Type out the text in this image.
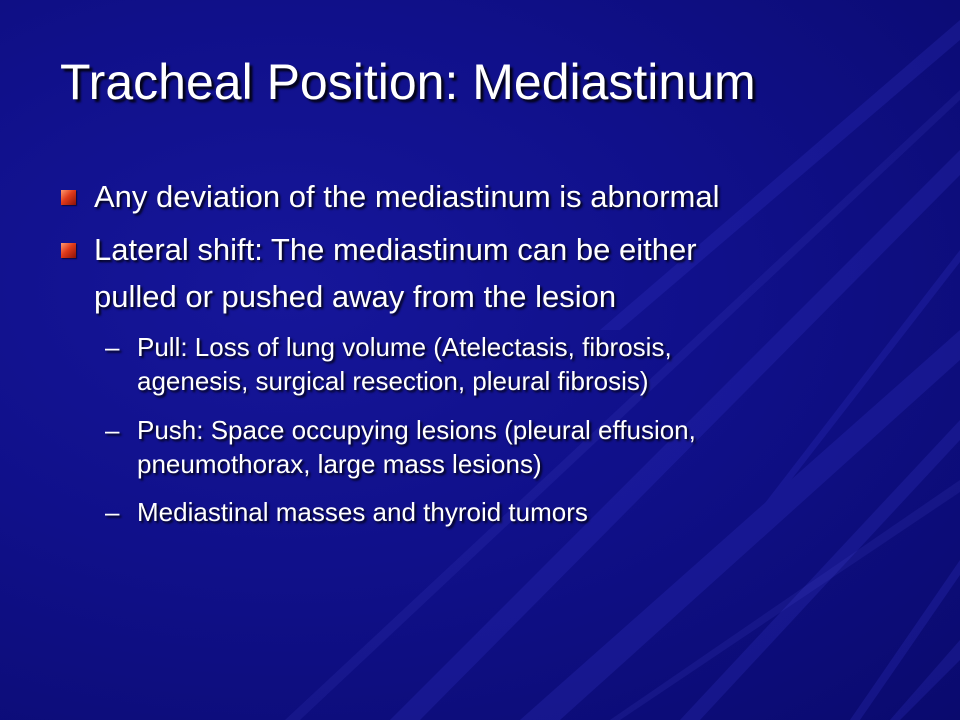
Tracheal Position: Mediastinum
Any deviation of the mediastinum is abnormal
Lateral shift: The mediastinum can be either
pulled or pushed away from the lesion
– Pull: Loss of lung volume (Atelectasis, fibrosis,
agenesis, surgical resection, pleural fibrosis)
– Push: Space occupying lesions (pleural effusion,
pneumothorax, large mass lesions)
– Mediastinal masses and thyroid tumors
